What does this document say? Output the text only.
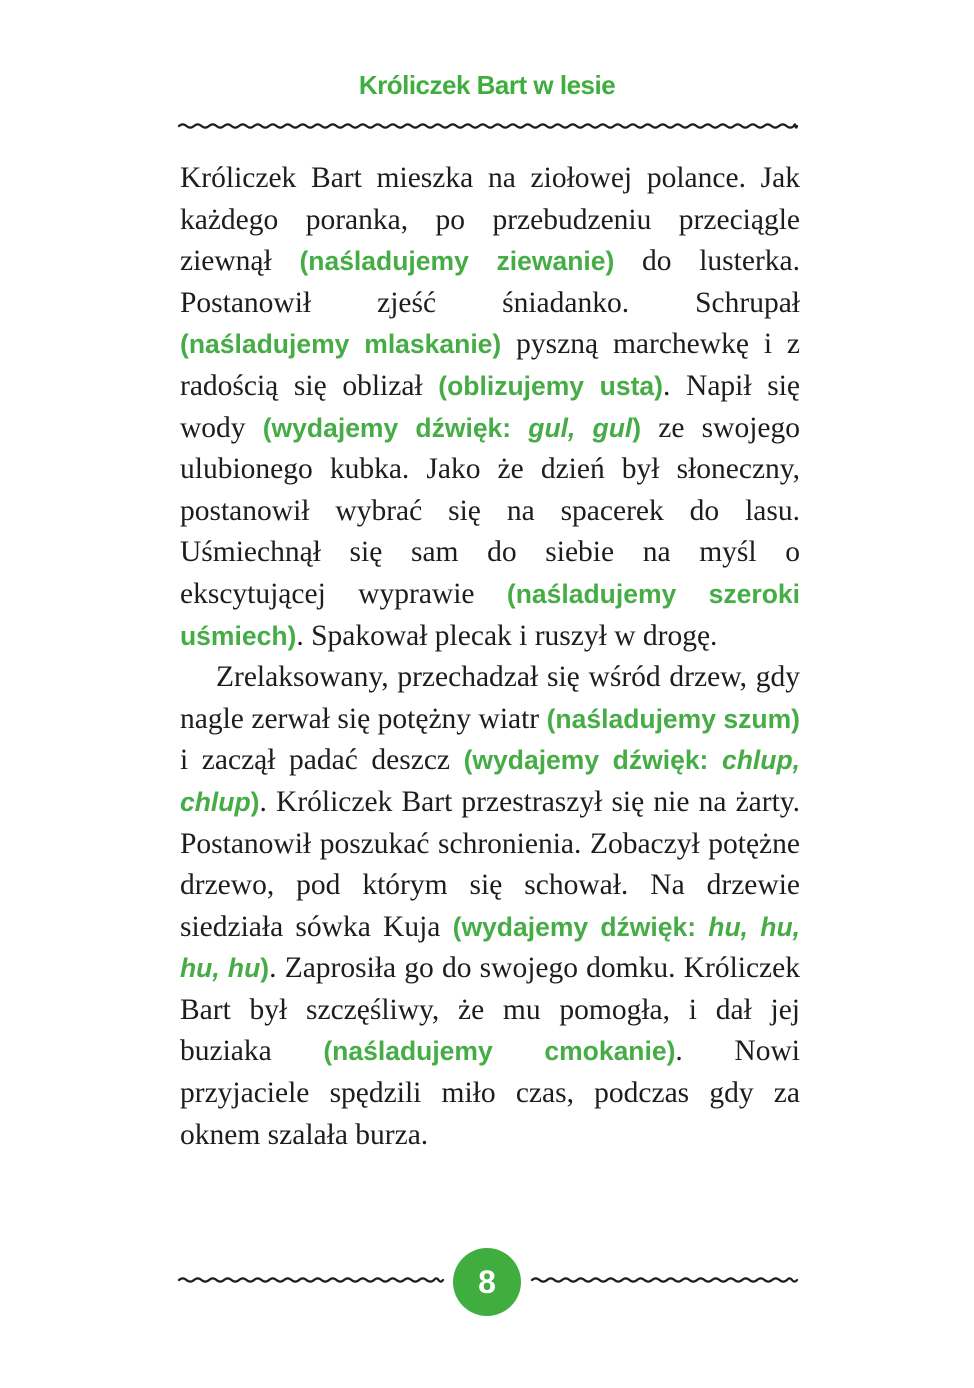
Króliczek Bart w lesie

Króliczek Bart mieszka na ziołowej polance. Jak każdego poranka, po przebudzeniu przeciągle ziewnął (naśladujemy ziewanie) do lusterka. Postanowił zjeść śniadanko. Schrupał (naśladujemy mlaskanie) pyszną marchewkę i z radością się oblizał (oblizujemy usta). Napił się wody (wydajemy dźwięk: gul, gul) ze swojego ulubionego kubka. Jako że dzień był słoneczny, postanowił wybrać się na spacerek do lasu. Uśmiechnął się sam do siebie na myśl o ekscytującej wyprawie (naśladujemy szeroki uśmiech). Spakował plecak i ruszył w drogę.

Zrelaksowany, przechadzał się wśród drzew, gdy nagle zerwał się potężny wiatr (naśladujemy szum) i zaczął padać deszcz (wydajemy dźwięk: chlup, chlup). Króliczek Bart przestraszył się nie na żarty. Postanowił poszukać schronienia. Zobaczył potężne drzewo, pod którym się schował. Na drzewie siedziała sówka Kuja (wydajemy dźwięk: hu, hu, hu, hu). Zaprosiła go do swojego domku. Króliczek Bart był szczęśliwy, że mu pomogła, i dał jej buziaka (naśladujemy cmokanie). Nowi przyjaciele spędzili miło czas, podczas gdy za oknem szalała burza.

8
